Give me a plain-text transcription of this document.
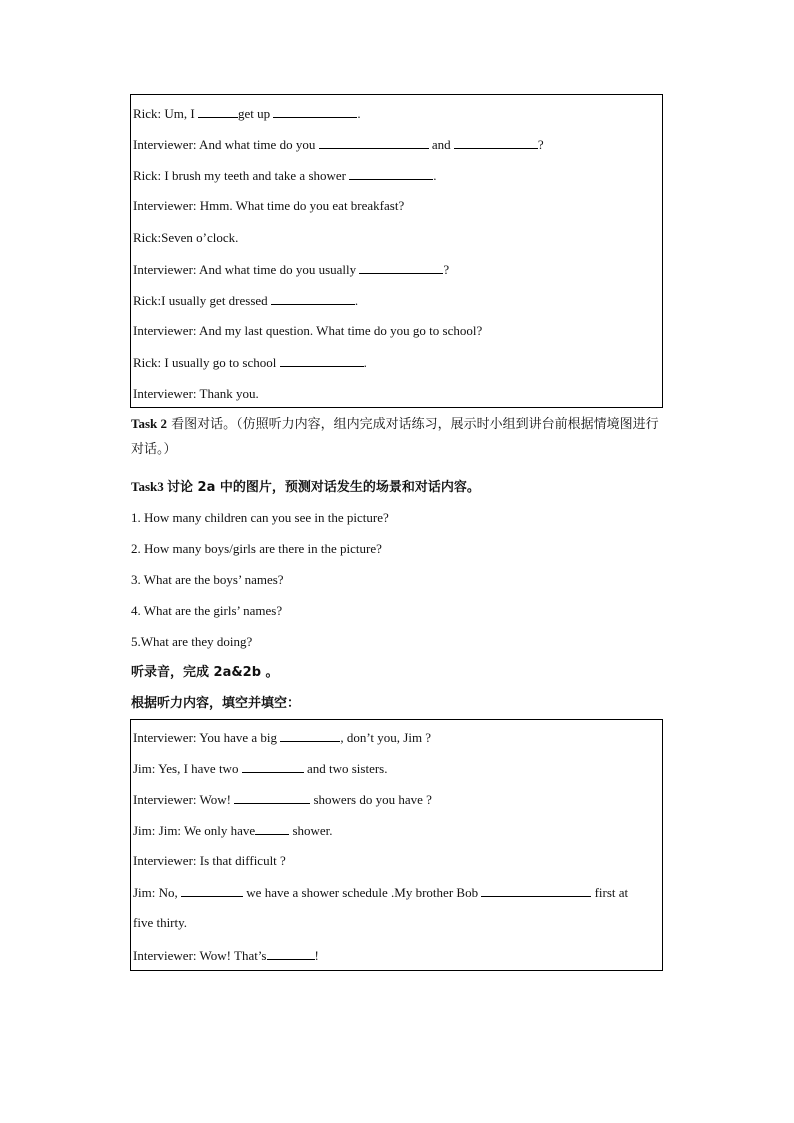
Rick: Um, I	get up	.
Interviewer: And what time do you	and	?
Rick: I brush my teeth and take a shower	.
Interviewer: Hmm. What time do you eat breakfast?
Rick:Seven o’clock.
Interviewer: And what time do you usually	?
Rick:I usually get dressed	.
Interviewer: And my last question. What time do you go to school?
Rick: I usually go to school	.
Interviewer: Thank you.
Task 2 看图对话。（仿照听力内容，组内完成对话练习，展示时小组到讲台前根据情境图进行对话。）
Task3 讨论 2a 中的图片，预测对话发生的场景和对话内容。
1. How many children can you see in the picture?
2. How many boys/girls are there in the picture?
3. What are the boys’ names?
4. What are the girls’ names?
5.What are they doing?
听录音，完成 2a&2b 。
根据听力内容，填空并填空：
Interviewer: You have a big	, don’t you, Jim ?
Jim: Yes, I have two	and two sisters.
Interviewer: Wow!	showers do you have ?
Jim: Jim: We only have	shower.
Interviewer: Is that difficult ?
Jim: No,	we have a shower schedule .My brother Bob	first at
five thirty.
Interviewer: Wow! That’s	!
